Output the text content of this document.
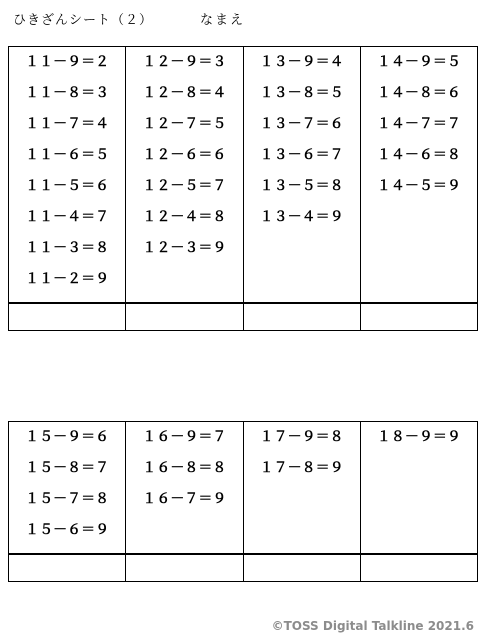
ひきざんシート（２）	なまえ
１１－９＝２
１１－８＝３
１１－７＝４
１１－６＝５
１１－５＝６
１１－４＝７
１１－３＝８
１１－２＝９
１２－９＝３
１２－８＝４
１２－７＝５
１２－６＝６
１２－５＝７
１２－４＝８
１２－３＝９
１３－９＝４
１３－８＝５
１３－７＝６
１３－６＝７
１３－５＝８
１３－４＝９
１４－９＝５
１４－８＝６
１４－７＝７
１４－６＝８
１４－５＝９
１５－９＝６
１５－８＝７
１５－７＝８
１５－６＝９
１６－９＝７
１６－８＝８
１６－７＝９
１７－９＝８
１７－８＝９
１８－９＝９
©TOSS Digital Talkline 2021.6
